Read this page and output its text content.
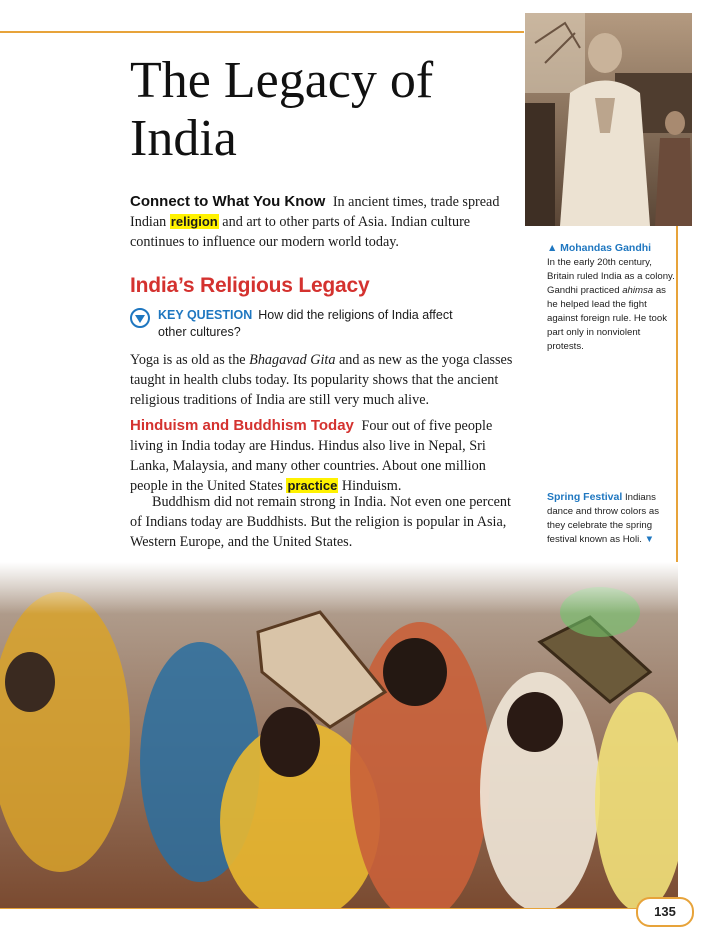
The Legacy of India

Connect to What You Know In ancient times, trade spread Indian religion and art to other parts of Asia. Indian culture continues to influence our modern world today.

India’s Religious Legacy
KEY QUESTION How did the religions of India affect other cultures?

Yoga is as old as the Bhagavad Gita and as new as the yoga classes taught in health clubs today. Its popularity shows that the ancient religious traditions of India are still very much alive.

Hinduism and Buddhism Today Four out of five people living in India today are Hindus. Hindus also live in Nepal, Sri Lanka, Malaysia, and many other countries. About one million people in the United States practice Hinduism.

Buddhism did not remain strong in India. Not even one percent of Indians today are Buddhists. But the religion is popular in Asia, Western Europe, and the United States.

▲ Mohandas Gandhi
In the early 20th century, Britain ruled India as a colony. Gandhi practiced ahimsa as he helped lead the fight against foreign rule. He took part only in nonviolent protests.
Spring Festival Indians dance and throw colors as they celebrate the spring festival known as Holi. ▼
135
